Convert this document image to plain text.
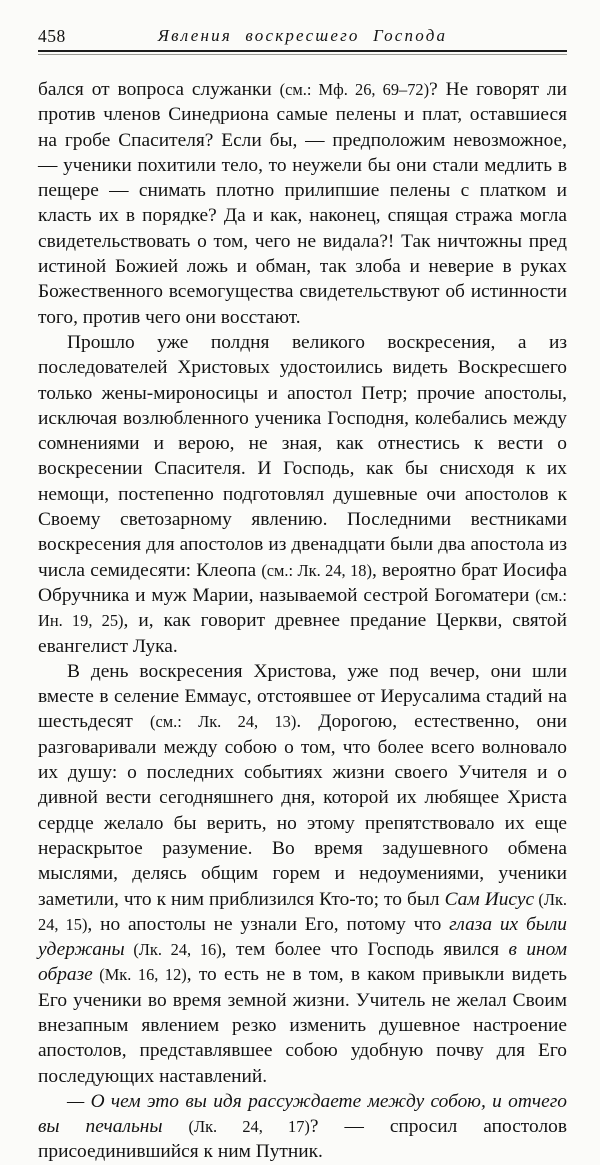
458	Явления воскресшего Господа

бался от вопроса служанки (см.: Мф. 26, 69–72)? Не говорят ли против членов Синедриона самые пелены и плат, оставшиеся на гробе Спасителя? Если бы, — предположим невозможное, — ученики похитили тело, то неужели бы они стали медлить в пещере — снимать плотно прилипшие пелены с платком и класть их в порядке? Да и как, наконец, спящая стража могла свидетельствовать о том, чего не видала?! Так ничтожны пред истиной Божией ложь и обман, так злоба и неверие в руках Божественного всемогущества свидетельствуют об истинности того, против чего они восстают.

Прошло уже полдня великого воскресения, а из последователей Христовых удостоились видеть Воскресшего только жены-мироносицы и апостол Петр; прочие апостолы, исключая возлюбленного ученика Господня, колебались между сомнениями и верою, не зная, как отнестись к вести о воскресении Спасителя. И Господь, как бы снисходя к их немощи, постепенно подготовлял душевные очи апостолов к Своему светозарному явлению. Последними вестниками воскресения для апостолов из двенадцати были два апостола из числа семидесяти: Клеопа (см.: Лк. 24, 18), вероятно брат Иосифа Обручника и муж Марии, называемой сестрой Богоматери (см.: Ин. 19, 25), и, как говорит древнее предание Церкви, святой евангелист Лука.

В день воскресения Христова, уже под вечер, они шли вместе в селение Еммаус, отстоявшее от Иерусалима стадий на шестьдесят (см.: Лк. 24, 13). Дорогою, естественно, они разговаривали между собою о том, что более всего волновало их душу: о последних событиях жизни своего Учителя и о дивной вести сегодняшнего дня, которой их любящее Христа сердце желало бы верить, но этому препятствовало их еще нераскрытое разумение. Во время задушевного обмена мыслями, делясь общим горем и недоумениями, ученики заметили, что к ним приблизился Кто-то; то был Сам Иисус (Лк. 24, 15), но апостолы не узнали Его, потому что глаза их были удержаны (Лк. 24, 16), тем более что Господь явился в ином образе (Мк. 16, 12), то есть не в том, в каком привыкли видеть Его ученики во время земной жизни. Учитель не желал Своим внезапным явлением резко изменить душевное настроение апостолов, представлявшее собою удобную почву для Его последующих наставлений.

— О чем это вы идя рассуждаете между собою, и отчего вы печальны (Лк. 24, 17)? — спросил апостолов присоединившийся к ним Путник.
